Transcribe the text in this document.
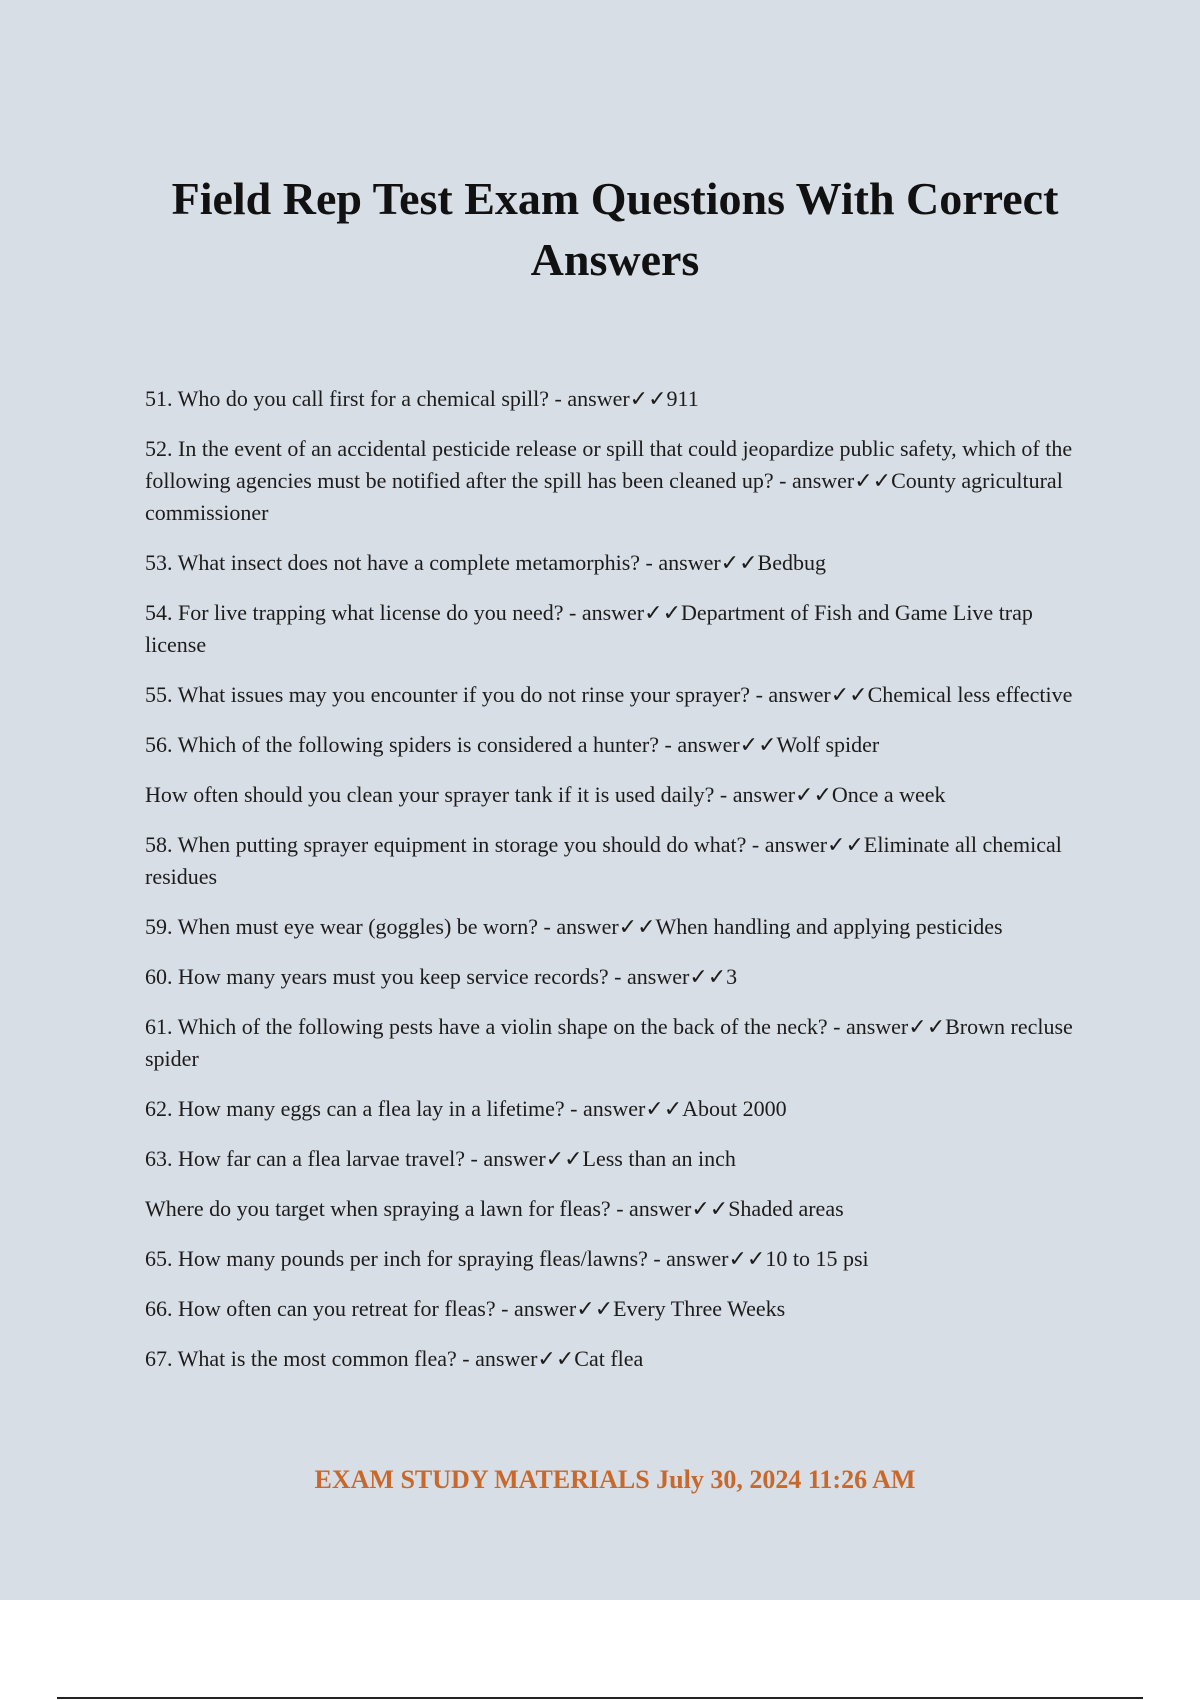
Field Rep Test Exam Questions With Correct Answers

51. Who do you call first for a chemical spill? - answer✓✓911

52. In the event of an accidental pesticide release or spill that could jeopardize public safety, which of the following agencies must be notified after the spill has been cleaned up? - answer✓✓County agricultural commissioner

53. What insect does not have a complete metamorphis? - answer✓✓Bedbug

54. For live trapping what license do you need? - answer✓✓Department of Fish and Game Live trap license

55. What issues may you encounter if you do not rinse your sprayer? - answer✓✓Chemical less effective

56. Which of the following spiders is considered a hunter? - answer✓✓Wolf spider

How often should you clean your sprayer tank if it is used daily? - answer✓✓Once a week

58. When putting sprayer equipment in storage you should do what? - answer✓✓Eliminate all chemical residues

59. When must eye wear (goggles) be worn? - answer✓✓When handling and applying pesticides

60. How many years must you keep service records? - answer✓✓3

61. Which of the following pests have a violin shape on the back of the neck? - answer✓✓Brown recluse spider

62. How many eggs can a flea lay in a lifetime? - answer✓✓About 2000

63. How far can a flea larvae travel? - answer✓✓Less than an inch

Where do you target when spraying a lawn for fleas? - answer✓✓Shaded areas

65. How many pounds per inch for spraying fleas/lawns? - answer✓✓10 to 15 psi

66. How often can you retreat for fleas? - answer✓✓Every Three Weeks

67. What is the most common flea? - answer✓✓Cat flea

EXAM STUDY MATERIALS July 30, 2024 11:26 AM
